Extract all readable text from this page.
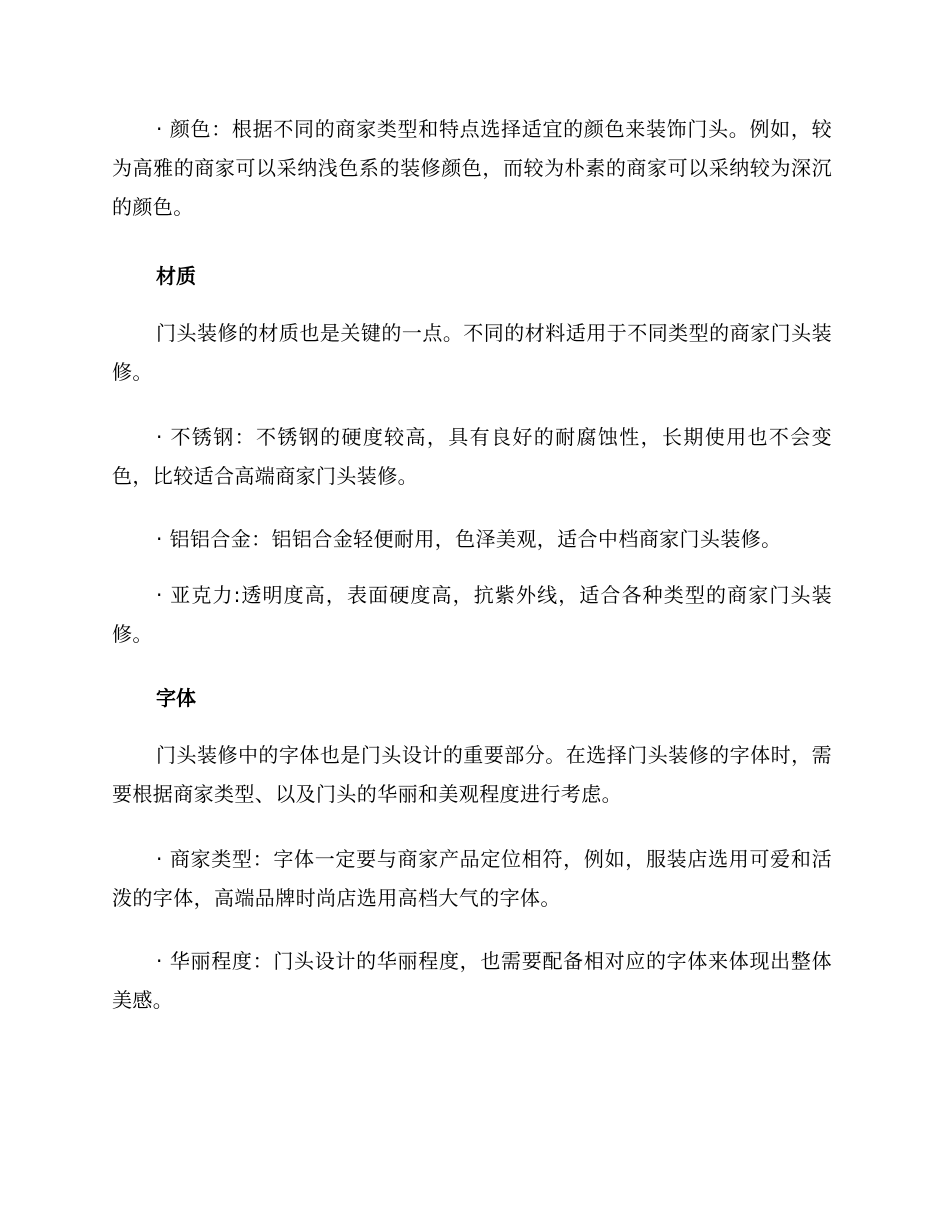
· 颜色：根据不同的商家类型和特点选择适宜的颜色来装饰门头。例如，较为高雅的商家可以采纳浅色系的装修颜色，而较为朴素的商家可以采纳较为深沉的颜色。

材质

门头装修的材质也是关键的一点。不同的材料适用于不同类型的商家门头装修。

· 不锈钢：不锈钢的硬度较高，具有良好的耐腐蚀性，长期使用也不会变色，比较适合高端商家门头装修。

· 铝铝合金：铝铝合金轻便耐用，色泽美观，适合中档商家门头装修。

· 亚克力:透明度高，表面硬度高，抗紫外线，适合各种类型的商家门头装修。

字体

门头装修中的字体也是门头设计的重要部分。在选择门头装修的字体时，需要根据商家类型、以及门头的华丽和美观程度进行考虑。

· 商家类型：字体一定要与商家产品定位相符，例如，服装店选用可爱和活泼的字体，高端品牌时尚店选用高档大气的字体。

· 华丽程度：门头设计的华丽程度，也需要配备相对应的字体来体现出整体美感。
